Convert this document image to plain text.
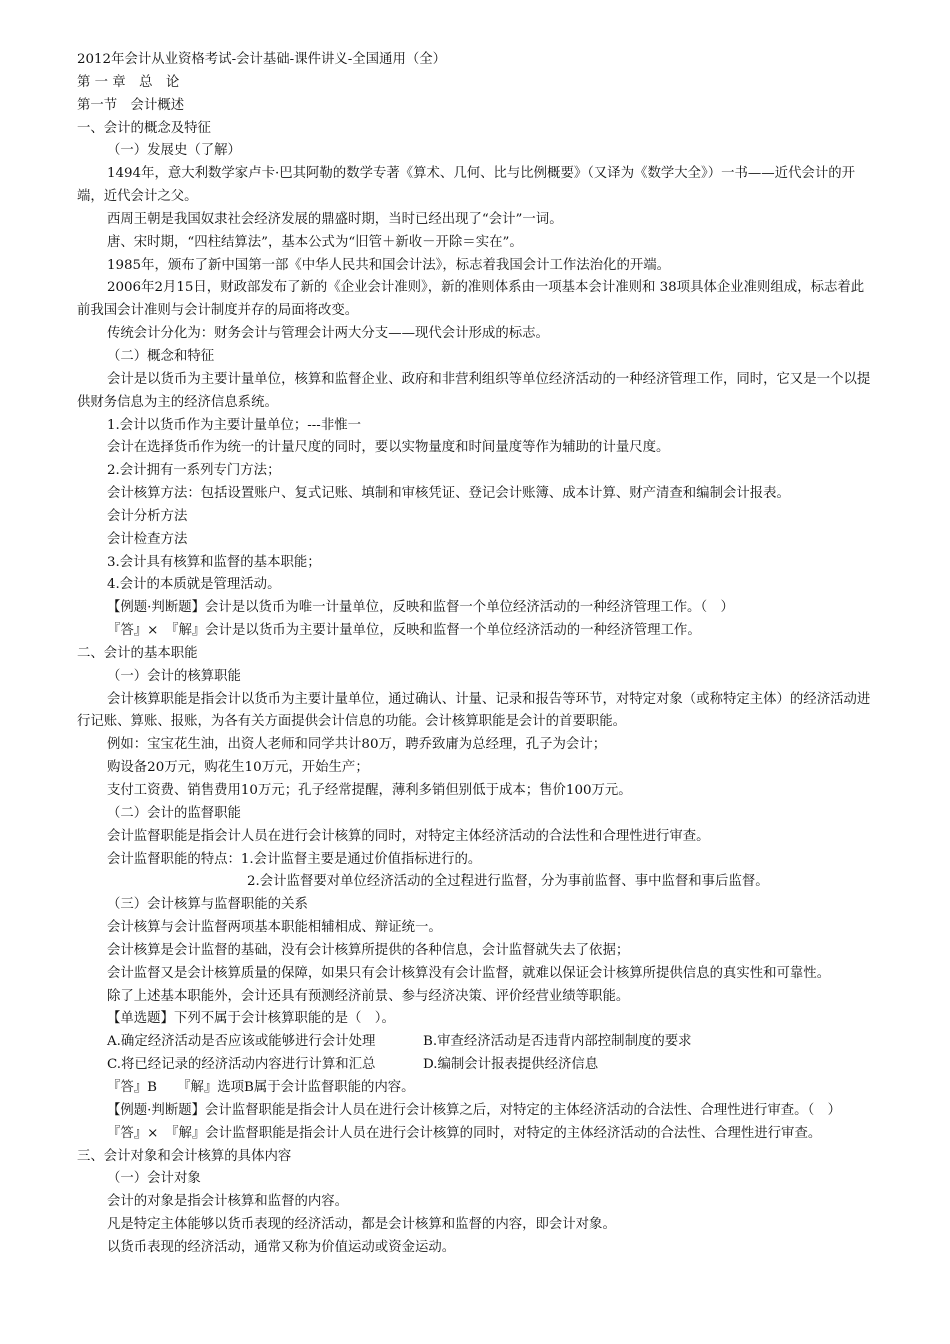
2012年会计从业资格考试-会计基础-课件讲义-全国通用（全）

第 一 章　总　论

第一节　会计概述

一、会计的概念及特征

（一）发展史（了解）

1494年，意大利数学家卢卡·巴其阿勒的数学专著《算术、几何、比与比例概要》（又译为《数学大全》）一书——近代会计的开端，近代会计之父。

西周王朝是我国奴隶社会经济发展的鼎盛时期，当时已经出现了“会计”一词。

唐、宋时期，“四柱结算法”，基本公式为“旧管＋新收－开除＝实在”。

1985年，颁布了新中国第一部《中华人民共和国会计法》，标志着我国会计工作法治化的开端。

2006年2月15日，财政部发布了新的《企业会计准则》，新的准则体系由一项基本会计准则和 38项具体企业准则组成，标志着此前我国会计准则与会计制度并存的局面将改变。

传统会计分化为：财务会计与管理会计两大分支——现代会计形成的标志。

（二）概念和特征

会计是以货币为主要计量单位，核算和监督企业、政府和非营利组织等单位经济活动的一种经济管理工作，同时，它又是一个以提供财务信息为主的经济信息系统。

1.会计以货币作为主要计量单位；---非惟一

会计在选择货币作为统一的计量尺度的同时，要以实物量度和时间量度等作为辅助的计量尺度。

2.会计拥有一系列专门方法；

会计核算方法：包括设置账户、复式记账、填制和审核凭证、登记会计账簿、成本计算、财产清查和编制会计报表。

会计分析方法

会计检查方法

3.会计具有核算和监督的基本职能；

4.会计的本质就是管理活动。

【例题·判断题】会计是以货币为唯一计量单位，反映和监督一个单位经济活动的一种经济管理工作。（　）

『答』×　『解』会计是以货币为主要计量单位，反映和监督一个单位经济活动的一种经济管理工作。

二、会计的基本职能

（一）会计的核算职能

会计核算职能是指会计以货币为主要计量单位，通过确认、计量、记录和报告等环节，对特定对象（或称特定主体）的经济活动进行记账、算账、报账，为各有关方面提供会计信息的功能。会计核算职能是会计的首要职能。

例如：宝宝花生油，出资人老师和同学共计80万，聘乔致庸为总经理，孔子为会计；

购设备20万元，购花生10万元，开始生产；

支付工资费、销售费用10万元；孔子经常提醒，薄利多销但别低于成本；售价100万元。

（二）会计的监督职能

会计监督职能是指会计人员在进行会计核算的同时，对特定主体经济活动的合法性和合理性进行审查。

会计监督职能的特点：1.会计监督主要是通过价值指标进行的。

2.会计监督要对单位经济活动的全过程进行监督，分为事前监督、事中监督和事后监督。

（三）会计核算与监督职能的关系

会计核算与会计监督两项基本职能相辅相成、辩证统一。

会计核算是会计监督的基础，没有会计核算所提供的各种信息，会计监督就失去了依据；

会计监督又是会计核算质量的保障，如果只有会计核算没有会计监督，就难以保证会计核算所提供信息的真实性和可靠性。

除了上述基本职能外，会计还具有预测经济前景、参与经济决策、评价经营业绩等职能。

【单选题】下列不属于会计核算职能的是（　）。

A.确定经济活动是否应该或能够进行会计处理	B.审查经济活动是否违背内部控制制度的要求
C.将已经记录的经济活动内容进行计算和汇总	D.编制会计报表提供经济信息

『答』B　　『解』选项B属于会计监督职能的内容。

【例题·判断题】会计监督职能是指会计人员在进行会计核算之后，对特定的主体经济活动的合法性、合理性进行审查。（　）

『答』×　『解』会计监督职能是指会计人员在进行会计核算的同时，对特定的主体经济活动的合法性、合理性进行审查。

三、会计对象和会计核算的具体内容

（一）会计对象

会计的对象是指会计核算和监督的内容。

凡是特定主体能够以货币表现的经济活动，都是会计核算和监督的内容，即会计对象。

以货币表现的经济活动，通常又称为价值运动或资金运动。
